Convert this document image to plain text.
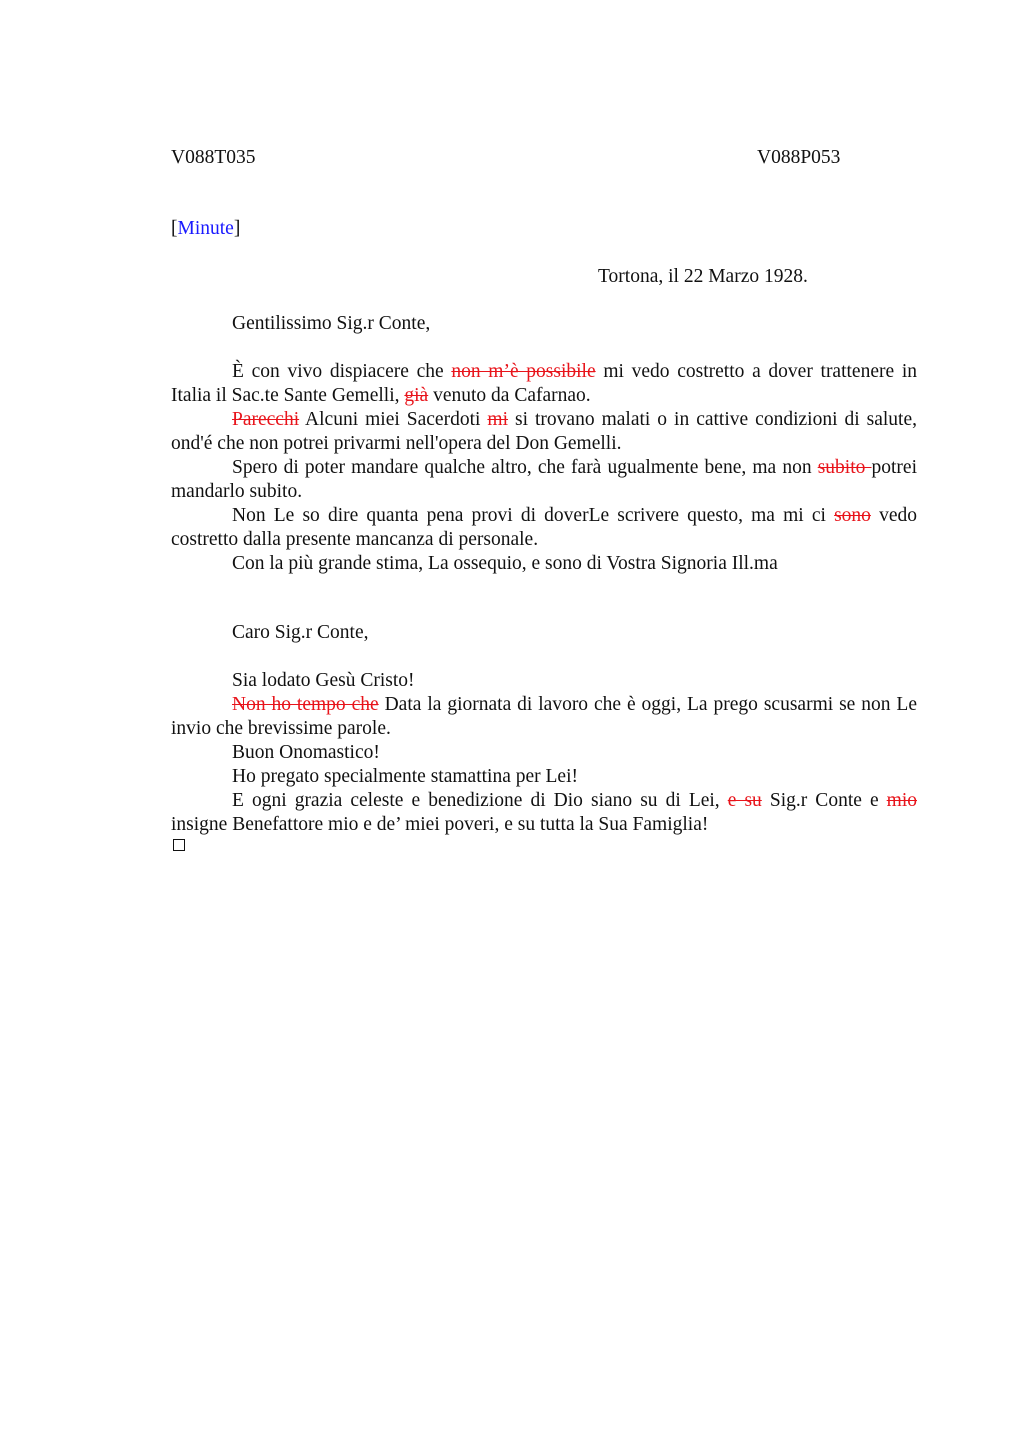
V088T035	V088P053
[Minute]
Tortona, il 22 Marzo 1928.
Gentilissimo Sig.r Conte,

È con vivo dispiacere che non m’è possibile mi vedo costretto a dover trattenere in Italia il Sac.te Sante Gemelli, già venuto da Cafarnao.

Parecchi Alcuni miei Sacerdoti mi si trovano malati o in cattive condizioni di salute, ond'é che non potrei privarmi nell'opera del Don Gemelli.

Spero di poter mandare qualche altro, che farà ugualmente bene, ma non subito potrei mandarlo subito.

Non Le so dire quanta pena provi di doverLe scrivere questo, ma mi ci sono vedo costretto dalla presente mancanza di personale.

Con la più grande stima, La ossequio, e sono di Vostra Signoria Ill.ma

Caro Sig.r Conte,

Sia lodato Gesù Cristo!

Non ho tempo che Data la giornata di lavoro che è oggi, La prego scusarmi se non Le invio che brevissime parole.

Buon Onomastico!

Ho pregato specialmente stamattina per Lei!

E ogni grazia celeste e benedizione di Dio siano su di Lei, e su Sig.r Conte e mio insigne Benefattore mio e de’ miei poveri, e su tutta la Sua Famiglia!
